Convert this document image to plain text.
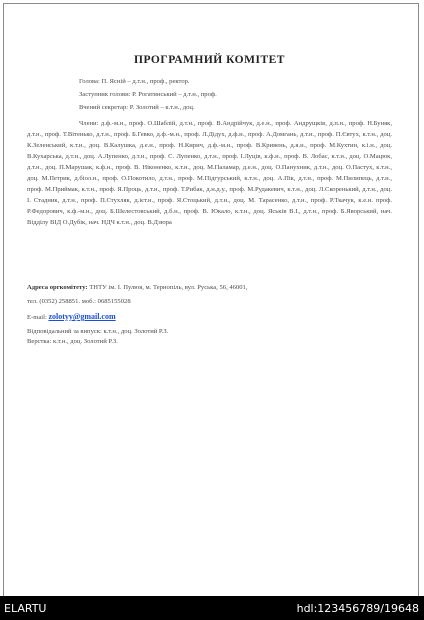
ПРОГРАМНИЙ КОМІТЕТ
Голова: П. Ясній – д.т.н., проф., ректор.
Заступник голови: Р. Рогатинський – д.т.н., проф.
Вчений секретар: Р. Золотий – к.т.н., доц.
Члени: д.ф.-м.н., проф. О.Шаблій, д.т.н., проф. В.Андрійчук, д.е.н., проф. Андрущків, д.п.н., проф. Н.Буняк, д.т.н., проф. Т.Вітенько, д.т.н., проф. Б.Гевко, д.ф.-м.н., проф. Л.Дідух, д.ф.н., проф. А.Домгань, д.т.н., проф. П.Євтух, к.т.н., доц. К.Зеленський, к.т.н., доц. В.Калушка, д.е.н., проф. Н.Кирич, д.ф.-м.н., проф. В.Кривень, д.я.н., проф. М.Кухтин, к.і.н., доц. В.Кухарська, д.т.н., доц. А.Лупенко, д.т.н., проф. С. Лупенко, д.т.н., проф. І.Луців, к.ф.н., проф. В. Лобас, к.т.н., доц. О.Мацюк, д.т.н., доц. П.Марушак, к.ф.н., проф. В. Ніконенко, к.т.н., доц. М.Паламар, д.е.н., доц. О.Панухник, д.т.н., доц. О.Пастух, к.т.н., доц. М.Петрик, д.біол.н., проф. О.Покотило, д.т.н., проф. М.Підгурський, к.т.н., доц. А.Пік, д.т.н., проф. М.Пилипець, д.т.н., проф. М.Приймак, к.т.н., проф. Я.Проць, д.т.н., проф. Т.Рибак, д.н.д.у., проф. М.Рудакевич, к.т.н., доц. Л.Скоренький, д.т.н., доц. І. Стадник, д.т.н., проф. П.Стухляк, д.ієт.н., проф. Я.Стоцький, д.т.н., доц. М. Тарасенко, д.т.н., проф. Р.Ткачук, к.е.н. проф. Р.Федорович, к.ф.-м.н., доц. Б.Шелестовський, д.б.н., проф. В. Юкало, к.т.н., доц. Яськів В.І., д.т.н., проф. Б.Яворський, нач. Відділу ВІД О.Дубік, нач. НДЧ к.т.н., доц. В.Дзюра
Адреса оргкомітету: ТНТУ ім. І. Пулюя, м. Тернопіль, вул. Руська, 56, 46001,
тел. (0352) 258851. моб.: 0685155028
E-mail: zolotyy@gmail.com
Відповідальний за випуск: к.т.н., доц. Золотий Р.З.
Верстка: к.т.н., доц. Золотий Р.З.
ELARTU	hdl:123456789/19648
